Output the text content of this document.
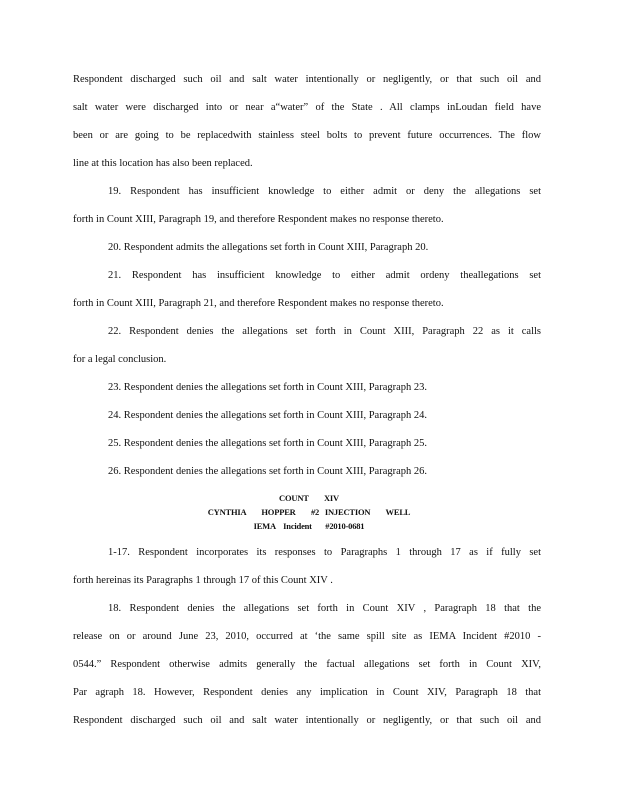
Respondent discharged such oil and salt water intentionally or negligently, or that such oil and
salt water were discharged into or near a“water” of the State . All clamps inLoudan field have
been or are going to be replacedwith stainless steel bolts to prevent future occurrences. The flow
line at this location has also been replaced.
19. Respondent has insufficient knowledge to either admit or deny the allegations set
forth in Count XIII, Paragraph 19, and therefore Respondent makes no response thereto.
20. Respondent admits the allegations set forth in Count XIII, Paragraph 20.
21. Respondent has insufficient knowledge to either admit ordeny theallegations set
forth in Count XIII, Paragraph 21, and therefore Respondent makes no response thereto.
22. Respondent denies the allegations set forth in Count XIII, Paragraph 22 as it calls
for a legal conclusion.
23. Respondent denies the allegations set forth in Count XIII, Paragraph 23.
24. Respondent denies the allegations set forth in Count XIII, Paragraph 24.
25. Respondent denies the allegations set forth in Count XIII, Paragraph 25.
26. Respondent denies the allegations set forth in Count XIII, Paragraph 26.
1-17. Respondent incorporates its responses to Paragraphs 1 through 17 as if fully set
forth hereinas its Paragraphs 1 through 17 of this Count XIV .
18. Respondent denies the allegations set forth in Count XIV , Paragraph 18 that the
release on or around June 23, 2010, occurred at ‘the same spill site as IEMA Incident #2010 -
0544.” Respondent otherwise admits generally the factual allegations set forth in Count XIV,
Par agraph 18. However, Respondent denies any implication in Count XIV, Paragraph 18 that
Respondent discharged such oil and salt water intentionally or negligently, or that such oil and
COUNT        XIV
CYNTHIA        HOPPER        #2   INJECTION        WELL
IEMA    Incident       #2010-0681
